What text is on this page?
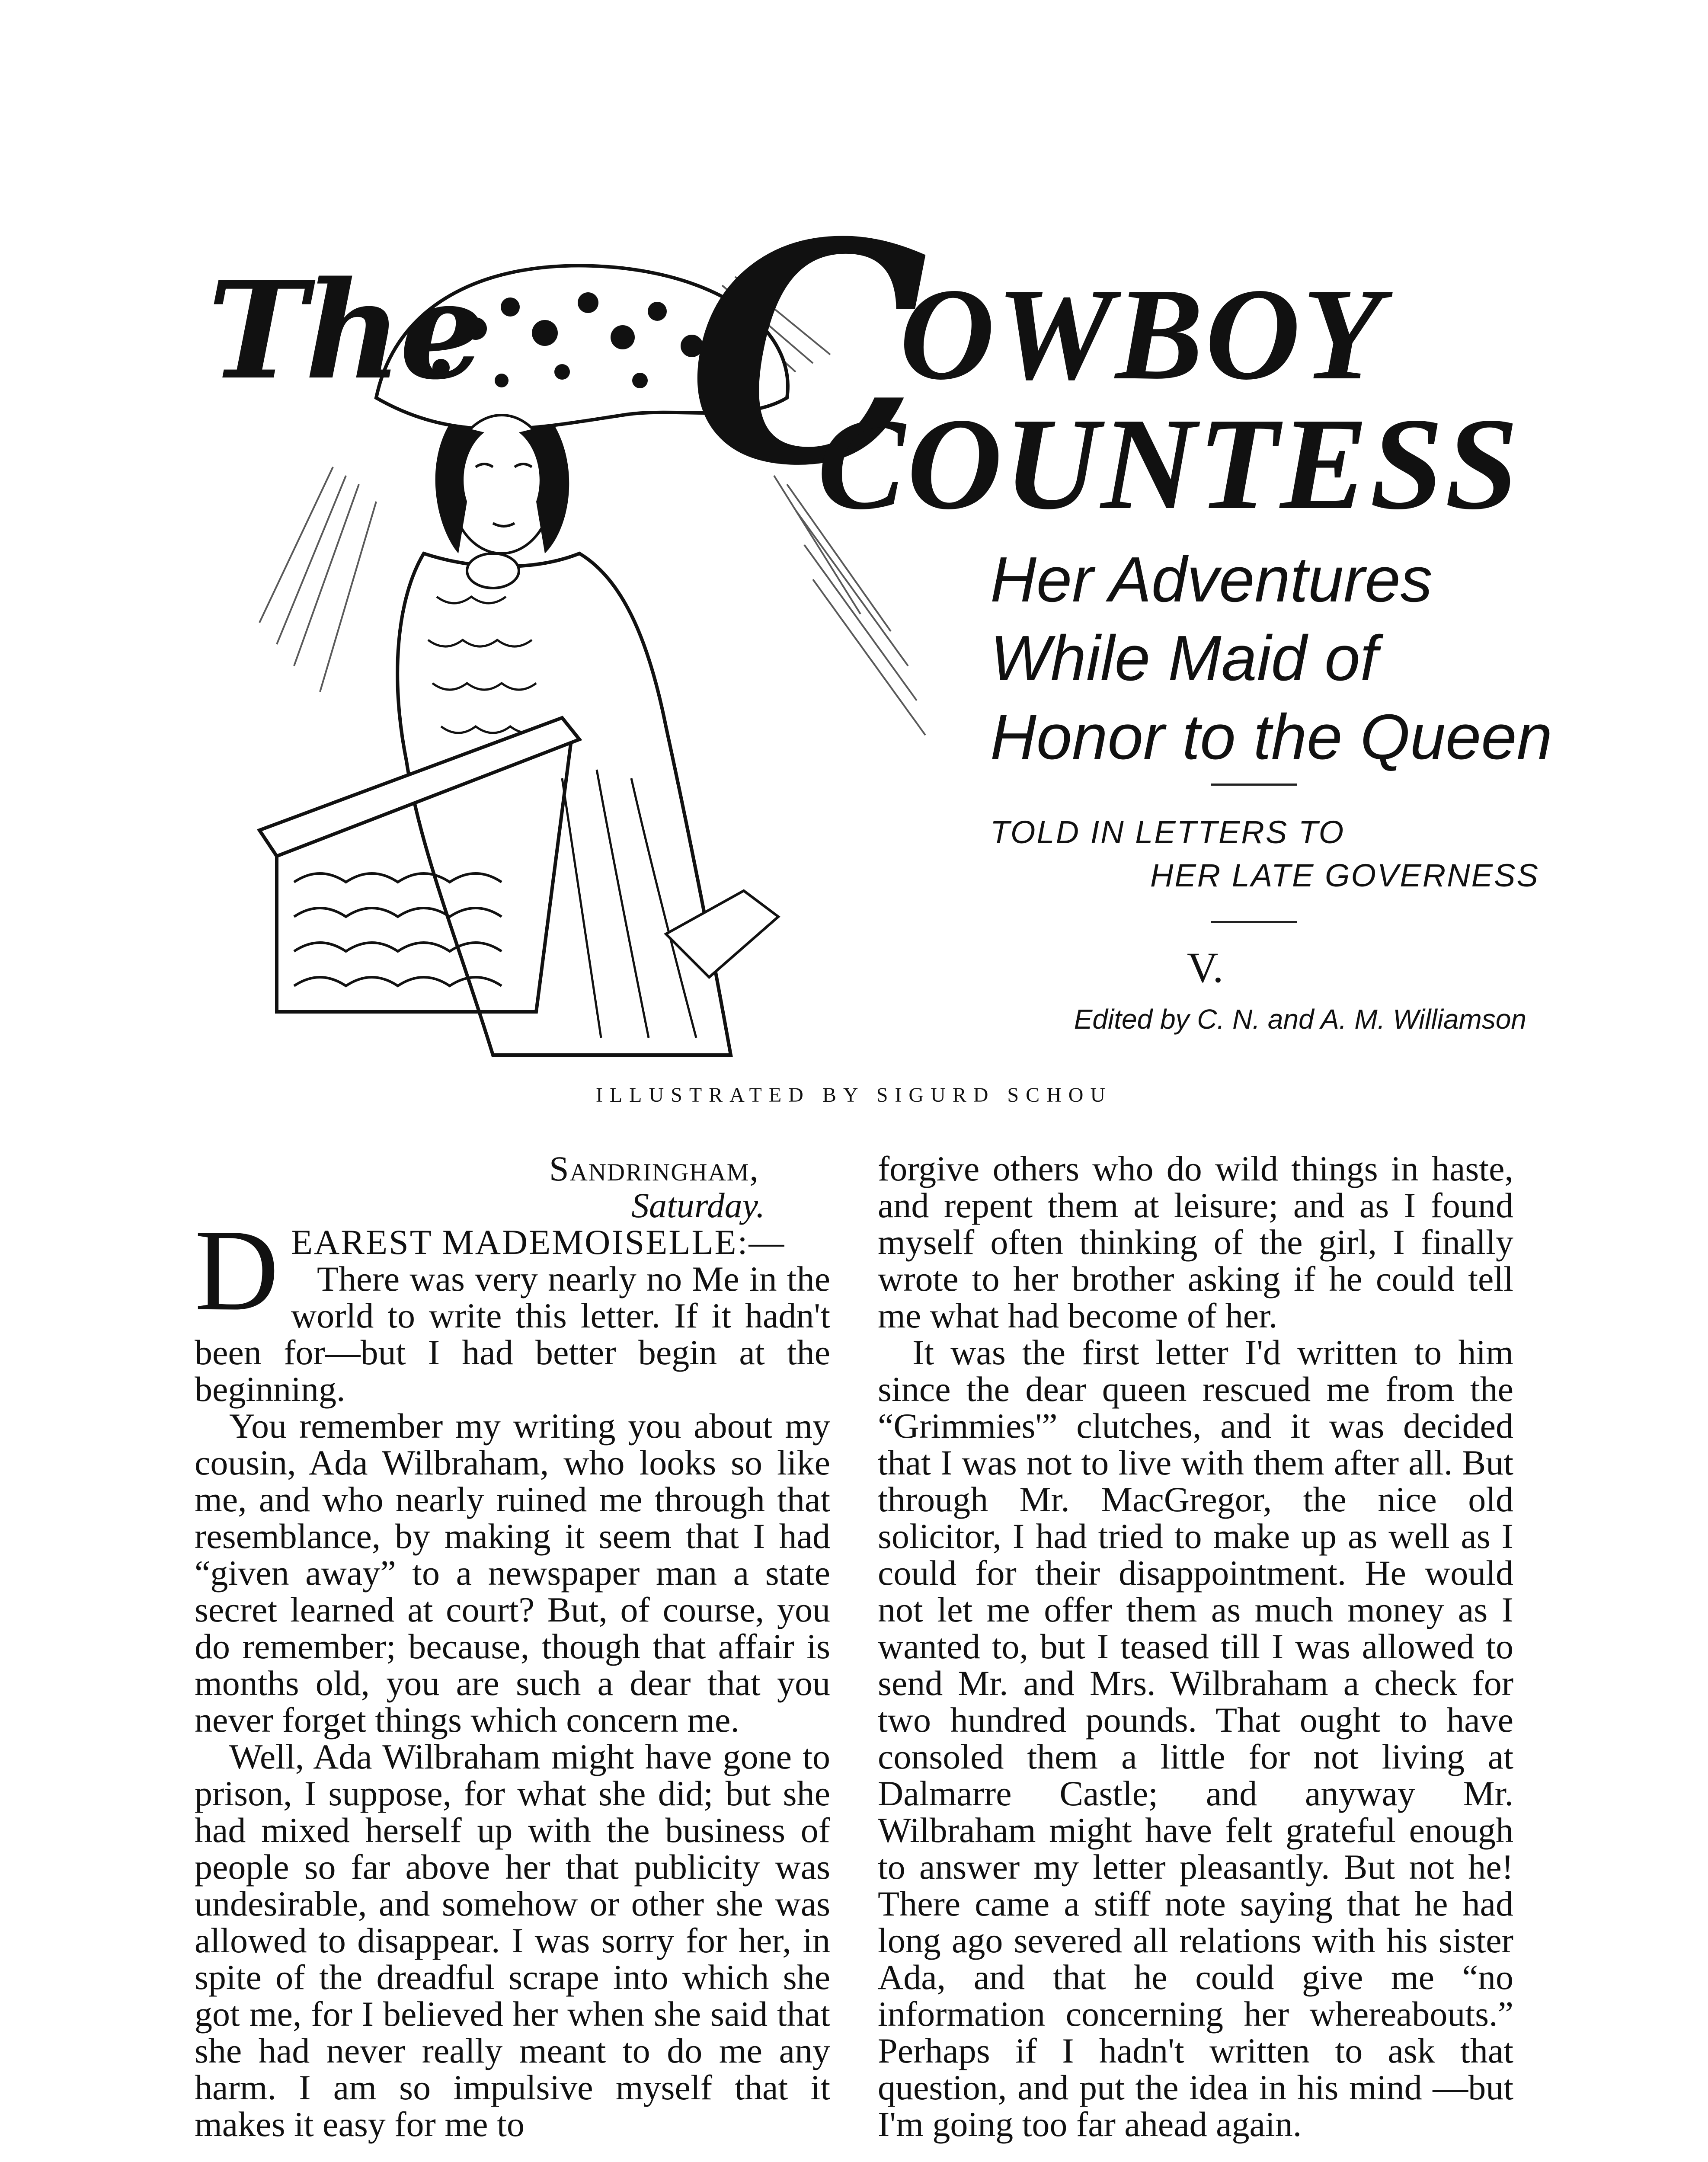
The C
OWBOY
COUNTESS
Her Adventures
While Maid of
Honor to the Queen
TOLD IN LETTERS TO
HER LATE GOVERNESS
V.
Edited by C. N. and A. M. Williamson
ILLUSTRATED BY SIGURD SCHOU

Sandringham,
Saturday.

D EAREST MADEMOISELLE:—

There was very nearly no Me in the world to write this letter. If it hadn't been for—but I had better begin at the beginning.

You remember my writing you about my cousin, Ada Wilbraham, who looks so like me, and who nearly ruined me through that resemblance, by making it seem that I had “given away” to a newspaper man a state secret learned at court? But, of course, you do remember; because, though that affair is months old, you are such a dear that you never forget things which concern me.

Well, Ada Wilbraham might have gone to prison, I suppose, for what she did; but she had mixed herself up with the business of people so far above her that publicity was undesirable, and somehow or other she was allowed to disappear. I was sorry for her, in spite of the dreadful scrape into which she got me, for I believed her when she said that she had never really meant to do me any harm. I am so impulsive myself that it makes it easy for me to

forgive others who do wild things in haste, and repent them at leisure; and as I found myself often thinking of the girl, I finally wrote to her brother asking if he could tell me what had become of her.

It was the first letter I'd written to him since the dear queen rescued me from the “Grimmies'” clutches, and it was decided that I was not to live with them after all. But through Mr. MacGregor, the nice old solicitor, I had tried to make up as well as I could for their disappointment. He would not let me offer them as much money as I wanted to, but I teased till I was allowed to send Mr. and Mrs. Wilbraham a check for two hundred pounds. That ought to have consoled them a little for not living at Dalmarre Castle; and anyway Mr. Wilbraham might have felt grateful enough to answer my letter pleasantly. But not he! There came a stiff note saying that he had long ago severed all relations with his sister Ada, and that he could give me “no information concerning her whereabouts.” Perhaps if I hadn't written to ask that question, and put the idea in his mind —but I'm going too far ahead again.
